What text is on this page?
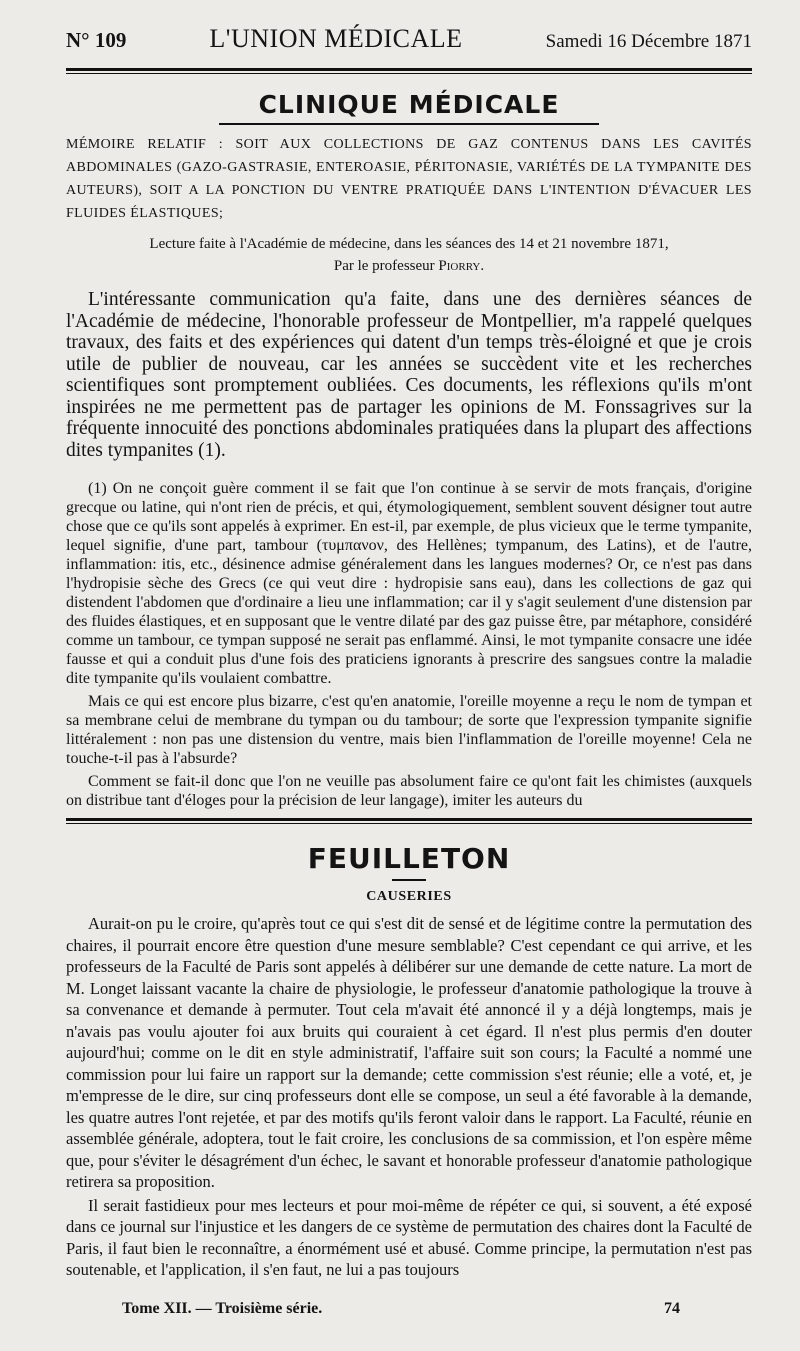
N° 109	L'UNION MÉDICALE	Samedi 16 Décembre 1871
CLINIQUE MÉDICALE
MÉMOIRE RELATIF : SOIT AUX COLLECTIONS DE GAZ CONTENUS DANS LES CAVITÉS ABDOMINALES (GAZO-GASTRASIE, ENTEROASIE, PÉRITONASIE, VARIÉTÉS DE LA TYMPANITE DES AUTEURS), SOIT A LA PONCTION DU VENTRE PRATIQUÉE DANS L'INTENTION D'ÉVACUER LES FLUIDES ÉLASTIQUES;
Lecture faite à l'Académie de médecine, dans les séances des 14 et 21 novembre 1871,
Par le professeur Piorry.
L'intéressante communication qu'a faite, dans une des dernières séances de l'Académie de médecine, l'honorable professeur de Montpellier, m'a rappelé quelques travaux, des faits et des expériences qui datent d'un temps très-éloigné et que je crois utile de publier de nouveau, car les années se succèdent vite et les recherches scientifiques sont promptement oubliées. Ces documents, les réflexions qu'ils m'ont inspirées ne me permettent pas de partager les opinions de M. Fonssagrives sur la fréquente innocuité des ponctions abdominales pratiquées dans la plupart des affections dites tympanites (1).
(1) On ne conçoit guère comment il se fait que l'on continue à se servir de mots français, d'origine grecque ou latine, qui n'ont rien de précis, et qui, étymologiquement, semblent souvent désigner tout autre chose que ce qu'ils sont appelés à exprimer. En est-il, par exemple, de plus vicieux que le terme tympanite, lequel signifie, d'une part, tambour (τυμπανον, des Hellènes; tympanum, des Latins), et de l'autre, inflammation: itis, etc., désinence admise généralement dans les langues modernes? Or, ce n'est pas dans l'hydropisie sèche des Grecs (ce qui veut dire : hydropisie sans eau), dans les collections de gaz qui distendent l'abdomen que d'ordinaire a lieu une inflammation; car il y s'agit seulement d'une distension par des fluides élastiques, et en supposant que le ventre dilaté par des gaz puisse être, par métaphore, considéré comme un tambour, ce tympan supposé ne serait pas enflammé. Ainsi, le mot tympanite consacre une idée fausse et qui a conduit plus d'une fois des praticiens ignorants à prescrire des sangsues contre la maladie dite tympanite qu'ils voulaient combattre.
Mais ce qui est encore plus bizarre, c'est qu'en anatomie, l'oreille moyenne a reçu le nom de tympan et sa membrane celui de membrane du tympan ou du tambour; de sorte que l'expression tympanite signifie littéralement : non pas une distension du ventre, mais bien l'inflammation de l'oreille moyenne! Cela ne touche-t-il pas à l'absurde?
Comment se fait-il donc que l'on ne veuille pas absolument faire ce qu'ont fait les chimistes (auxquels on distribue tant d'éloges pour la précision de leur langage), imiter les auteurs du
FEUILLETON
CAUSERIES
Aurait-on pu le croire, qu'après tout ce qui s'est dit de sensé et de légitime contre la permutation des chaires, il pourrait encore être question d'une mesure semblable? C'est cependant ce qui arrive, et les professeurs de la Faculté de Paris sont appelés à délibérer sur une demande de cette nature. La mort de M. Longet laissant vacante la chaire de physiologie, le professeur d'anatomie pathologique la trouve à sa convenance et demande à permuter. Tout cela m'avait été annoncé il y a déjà longtemps, mais je n'avais pas voulu ajouter foi aux bruits qui couraient à cet égard. Il n'est plus permis d'en douter aujourd'hui; comme on le dit en style administratif, l'affaire suit son cours; la Faculté a nommé une commission pour lui faire un rapport sur la demande; cette commission s'est réunie; elle a voté, et, je m'empresse de le dire, sur cinq professeurs dont elle se compose, un seul a été favorable à la demande, les quatre autres l'ont rejetée, et par des motifs qu'ils feront valoir dans le rapport. La Faculté, réunie en assemblée générale, adoptera, tout le fait croire, les conclusions de sa commission, et l'on espère même que, pour s'éviter le désagrément d'un échec, le savant et honorable professeur d'anatomie pathologique retirera sa proposition.
Il serait fastidieux pour mes lecteurs et pour moi-même de répéter ce qui, si souvent, a été exposé dans ce journal sur l'injustice et les dangers de ce système de permutation des chaires dont la Faculté de Paris, il faut bien le reconnaître, a énormément usé et abusé. Comme principe, la permutation n'est pas soutenable, et l'application, il s'en faut, ne lui a pas toujours
Tome XII. — Troisième série.	74
